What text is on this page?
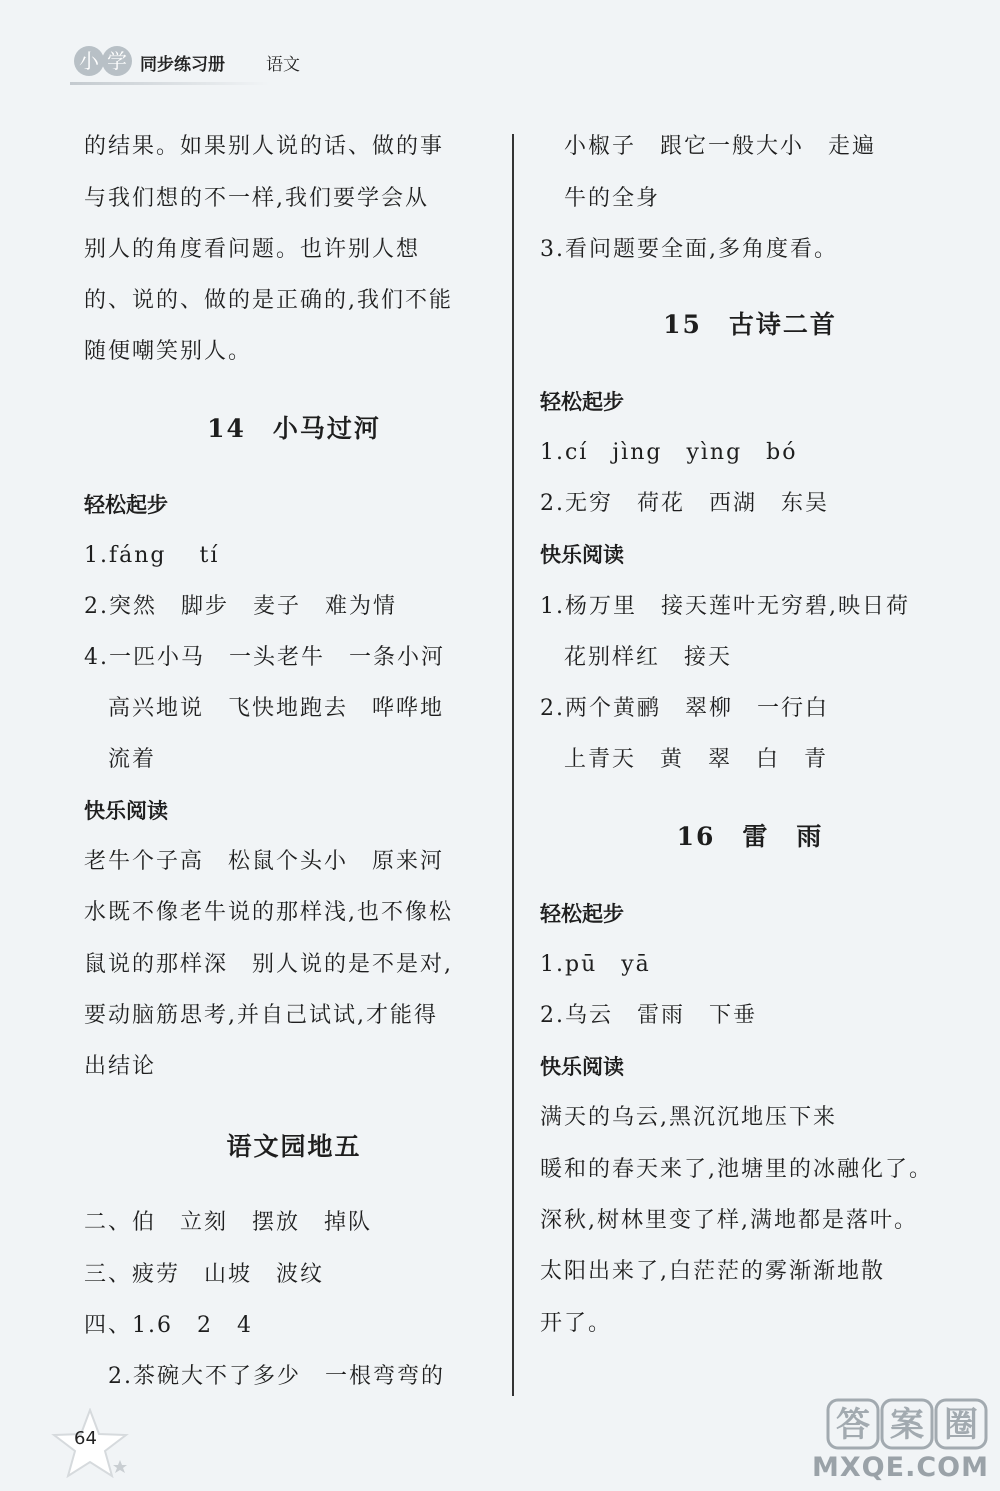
小 学 同步练习册 语文
的结果。如果别人说的话、做的事
与我们想的不一样,我们要学会从
别人的角度看问题。也许别人想
的、说的、做的是正确的,我们不能
随便嘲笑别人。
14　小马过河
轻松起步
1.fáng　 tí
2.突然　脚步　麦子　难为情
4.一匹小马　一头老牛　一条小河
　高兴地说　飞快地跑去　哗哗地
　流着
快乐阅读
老牛个子高　松鼠个头小　原来河
水既不像老牛说的那样浅,也不像松
鼠说的那样深　别人说的是不是对,
要动脑筋思考,并自己试试,才能得
出结论
语文园地五
二、伯　立刻　摆放　掉队
三、疲劳　山坡　波纹
四、1.6　2　4
　2.茶碗大不了多少　一根弯弯的
　小椒子　跟它一般大小　走遍
　牛的全身
3.看问题要全面,多角度看。
15　古诗二首
轻松起步
1.cí　jìng　yìng　bó
2.无穷　荷花　西湖　东吴
快乐阅读
1.杨万里　接天莲叶无穷碧,映日荷
　花别样红　接天
2.两个黄鹂　翠柳　一行白
　上青天　黄　翠　白　青
16　雷　雨
轻松起步
1.pū　yā
2.乌云　雷雨　下垂
快乐阅读
满天的乌云,黑沉沉地压下来
暖和的春天来了,池塘里的冰融化了。
深秋,树林里变了样,满地都是落叶。
太阳出来了,白茫茫的雾渐渐地散
开了。
64	答 案 圈
MXQE.COM
